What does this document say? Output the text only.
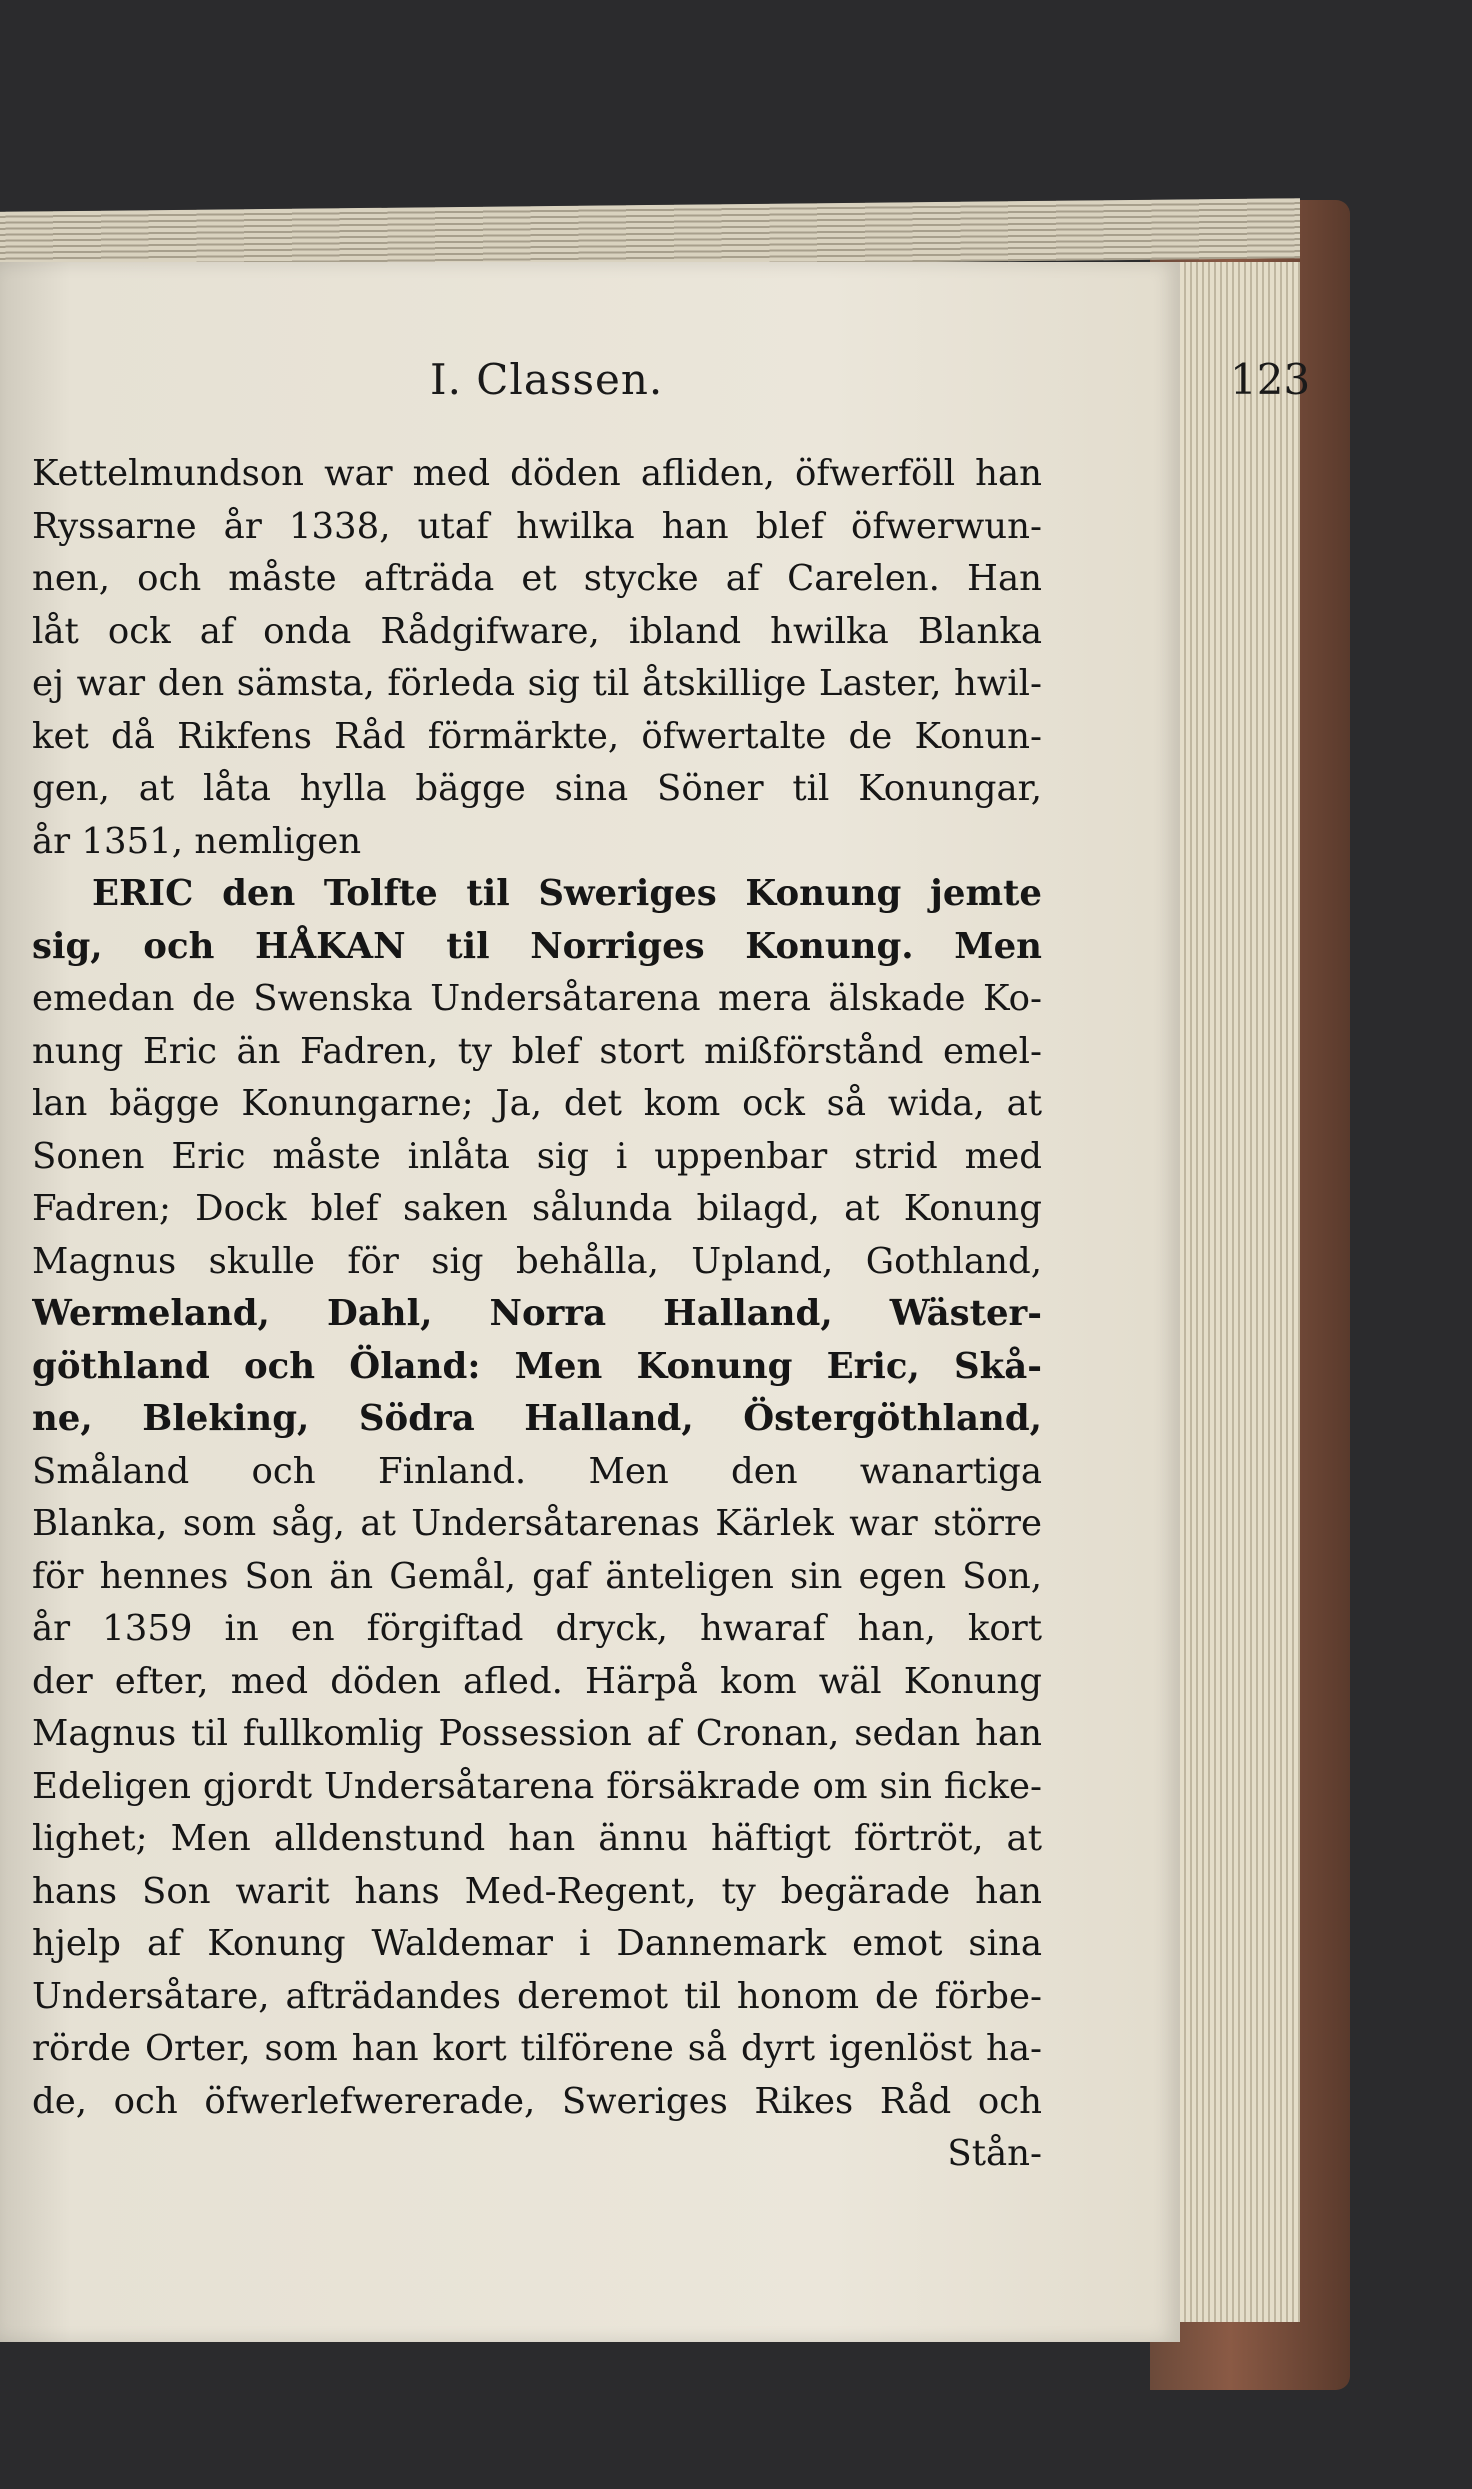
I. Classen.	123
Kettelmundson war med döden afliden, öfwerföll han
Ryssarne år 1338, utaf hwilka han blef öfwerwun-
nen, och måste afträda et stycke af Carelen. Han
låt ock af onda Rådgifware, ibland hwilka Blanka
ej war den sämsta, förleda sig til åtskillige Laster, hwil-
ket då Rikfens Råd förmärkte, öfwertalte de Konun-
gen, at låta hylla bägge sina Söner til Konungar,
år 1351, nemligen
ERIC den Tolfte til Sweriges Konung jemte
sig, och HÅKAN til Norriges Konung. Men
emedan de Swenska Undersåtarena mera älskade Ko-
nung Eric än Fadren, ty blef stort mißförstånd emel-
lan bägge Konungarne; Ja, det kom ock så wida, at
Sonen Eric måste inlåta sig i uppenbar strid med
Fadren; Dock blef saken sålunda bilagd, at Konung
Magnus skulle för sig behålla, Upland, Gothland,
Wermeland, Dahl, Norra Halland, Wäster-
göthland och Öland: Men Konung Eric, Skå-
ne, Bleking, Södra Halland, Östergöthland,
Småland och Finland. Men den wanartiga
Blanka, som såg, at Undersåtarenas Kärlek war större
för hennes Son än Gemål, gaf änteligen sin egen Son,
år 1359 in en förgiftad dryck, hwaraf han, kort
der efter, med döden afled. Härpå kom wäl Konung
Magnus til fullkomlig Possession af Cronan, sedan han
Edeligen gjordt Undersåtarena försäkrade om sin ficke-
lighet; Men alldenstund han ännu häftigt förtröt, at
hans Son warit hans Med-Regent, ty begärade han
hjelp af Konung Waldemar i Dannemark emot sina
Undersåtare, afträdandes deremot til honom de förbe-
rörde Orter, som han kort tilförene så dyrt igenlöst ha-
de, och öfwerlefwererade, Sweriges Rikes Råd och
Stån-
